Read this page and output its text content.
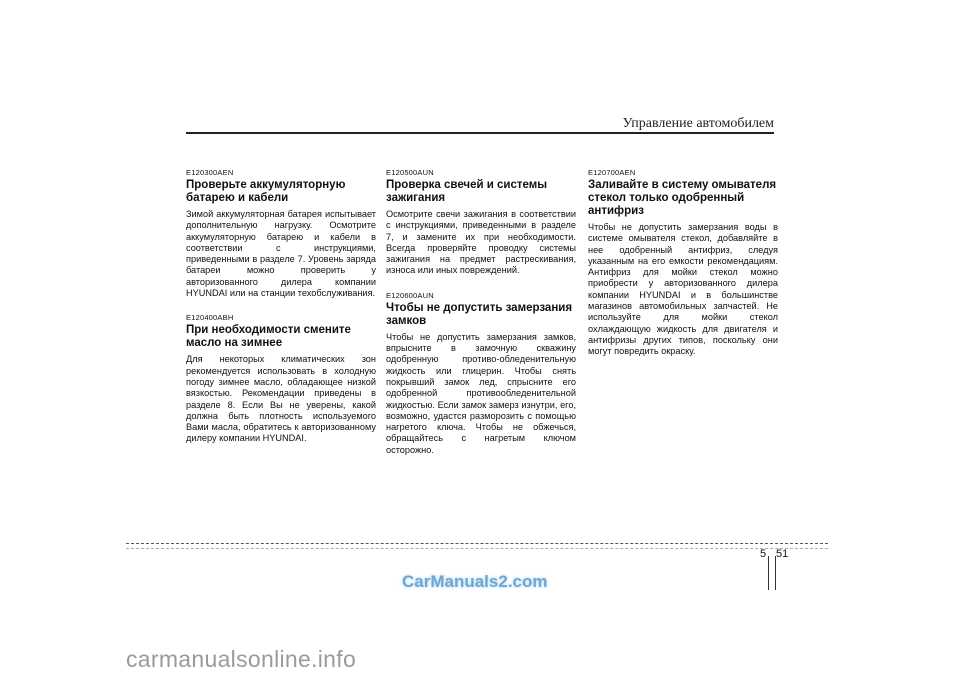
Управление автомобилем
E120300AEN
Проверьте аккумуляторную батарею и кабели
Зимой аккумуляторная батарея испытывает дополнительную нагрузку. Осмотрите аккумуляторную батарею и кабели в соответствии с инструкциями, приведенными в разделе 7. Уровень заряда батареи можно проверить у авторизованного дилера компании HYUNDAI или на станции техобслуживания.
E120400ABH
При необходимости смените масло на зимнее
Для некоторых климатических зон рекомендуется использовать в холодную погоду зимнее масло, обладающее низкой вязкостью. Рекомендации приведены в разделе 8. Если Вы не уверены, какой должна быть плотность используемого Вами масла, обратитесь к авторизованному дилеру компании HYUNDAI.
E120500AUN
Проверка свечей и системы зажигания
Осмотрите свечи зажигания в соответствии с инструкциями, приведенными в разделе 7, и замените их при необходимости. Всегда проверяйте проводку системы зажигания на предмет растрескивания, износа или иных повреждений.
E120600AUN
Чтобы не допустить замерзания замков
Чтобы не допустить замерзания замков, впрысните в замочную скважину одобренную противо-обледенительную жидкость или глицерин. Чтобы снять покрывший замок лед, спрысните его одобренной противообледенительной жидкостью. Если замок замерз изнутри, его, возможно, удастся разморозить с помощью нагретого ключа. Чтобы не обжечься, обращайтесь с нагретым ключом осторожно.
E120700AEN
Заливайте в систему омывателя стекол только одобренный антифриз
Чтобы не допустить замерзания воды в системе омывателя стекол, добавляйте в нее одобренный антифриз, следуя указанным на его емкости рекомендациям. Антифриз для мойки стекол можно приобрести у авторизованного дилера компании HYUNDAI и в большинстве магазинов автомобильных запчастей. Не используйте для мойки стекол охлаждающую жидкость для двигателя и антифризы других типов, поскольку они могут повредить окраску.
5 51
CarManuals2.com
carmanualsonline.info
